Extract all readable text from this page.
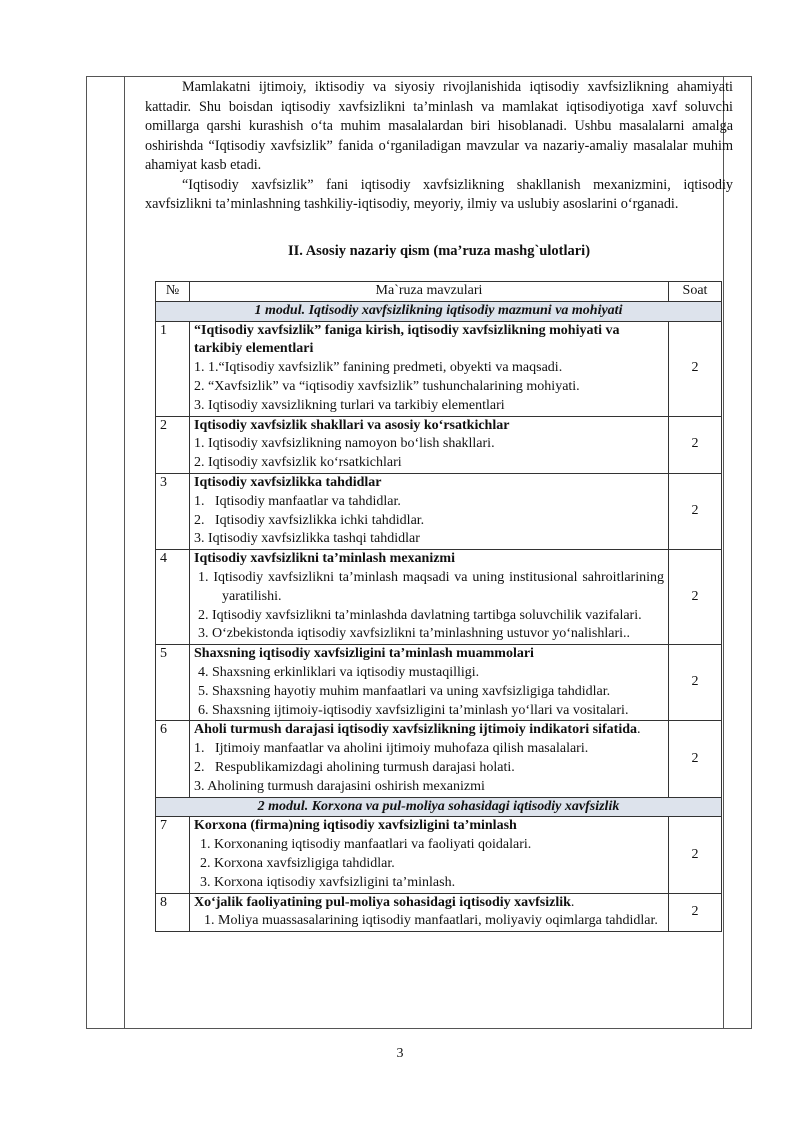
Mamlakatni ijtimoiy, iktisodiy va siyosiy rivojlanishida iqtisodiy xavfsizlikning ahamiyati kattadir. Shu boisdan iqtisodiy xavfsizlikni ta’minlash va mamlakat iqtisodiyotiga xavf soluvchi omillarga qarshi kurashish o‘ta muhim masalalardan biri hisoblanadi. Ushbu masalalarni amalga oshirishda “Iqtisodiy xavfsizlik” fanida o‘rganiladigan mavzular va nazariy-amaliy masalalar muhim ahamiyat kasb etadi.

“Iqtisodiy xavfsizlik” fani iqtisodiy xavfsizlikning shakllanish mexanizmini, iqtisodiy xavfsizlikni ta’minlashning tashkiliy-iqtisodiy, meyoriy, ilmiy va uslubiy asoslarini o‘rganadi.

II. Asosiy nazariy qism (ma’ruza mashg`ulotlari)
№	Ma`ruza mavzulari	Soat
1 modul. Iqtisodiy xavfsizlikning iqtisodiy mazmuni va mohiyati		
1	“Iqtisodiy xavfsizlik” faniga kirish, iqtisodiy xavfsizlikning mohiyati va tarkibiy elementlari
1. 1.“Iqtisodiy xavfsizlik” fanining predmeti, obyekti va maqsadi.
2. “Xavfsizlik” va “iqtisodiy xavfsizlik” tushunchalarining mohiyati.
3. Iqtisodiy xavsizlikning turlari va tarkibiy elementlari	2
2	Iqtisodiy xavfsizlik shakllari va asosiy ko‘rsatkichlar
1. Iqtisodiy xavfsizlikning namoyon bo‘lish shakllari.
2. Iqtisodiy xavfsizlik ko‘rsatkichlari	2
3	Iqtisodiy xavfsizlikka tahdidlar
1.   Iqtisodiy manfaatlar va tahdidlar.
2.   Iqtisodiy xavfsizlikka ichki tahdidlar.
3. Iqtisodiy xavfsizlikka tashqi tahdidlar	2
4	Iqtisodiy xavfsizlikni ta’minlash mexanizmi
1. Iqtisodiy xavfsizlikni ta’minlash maqsadi va uning institusional sahroitlarining yaratilishi.
2. Iqtisodiy xavfsizlikni ta’minlashda davlatning tartibga soluvchilik vazifalari.
3. O‘zbekistonda iqtisodiy xavfsizlikni ta’minlashning ustuvor yo‘nalishlari..	2
5	Shaxsning iqtisodiy xavfsizligini ta’minlash muammolari
4. Shaxsning erkinliklari va iqtisodiy mustaqilligi.
5. Shaxsning hayotiy muhim manfaatlari va uning xavfsizligiga tahdidlar.
6. Shaxsning ijtimoiy-iqtisodiy xavfsizligini ta’minlash yo‘llari va vositalari.	2
6	Aholi turmush darajasi iqtisodiy xavfsizlikning ijtimoiy indikatori sifatida.
1.   Ijtimoiy manfaatlar va aholini ijtimoiy muhofaza qilish masalalari.
2.   Respublikamizdagi aholining turmush darajasi holati.
3. Aholining turmush darajasini oshirish mexanizmi	2
2 modul. Korxona va pul-moliya sohasidagi iqtisodiy xavfsizlik		
7	Korxona (firma)ning iqtisodiy xavfsizligini ta’minlash
1. Korxonaning iqtisodiy manfaatlari va faoliyati qoidalari.
2. Korxona xavfsizligiga tahdidlar.
3. Korxona iqtisodiy xavfsizligini ta’minlash.	2
8	Xo‘jalik faoliyatining pul-moliya sohasidagi iqtisodiy xavfsizlik.
1. Moliya muassasalarining iqtisodiy manfaatlari, moliyaviy oqimlarga tahdidlar.	2
3
